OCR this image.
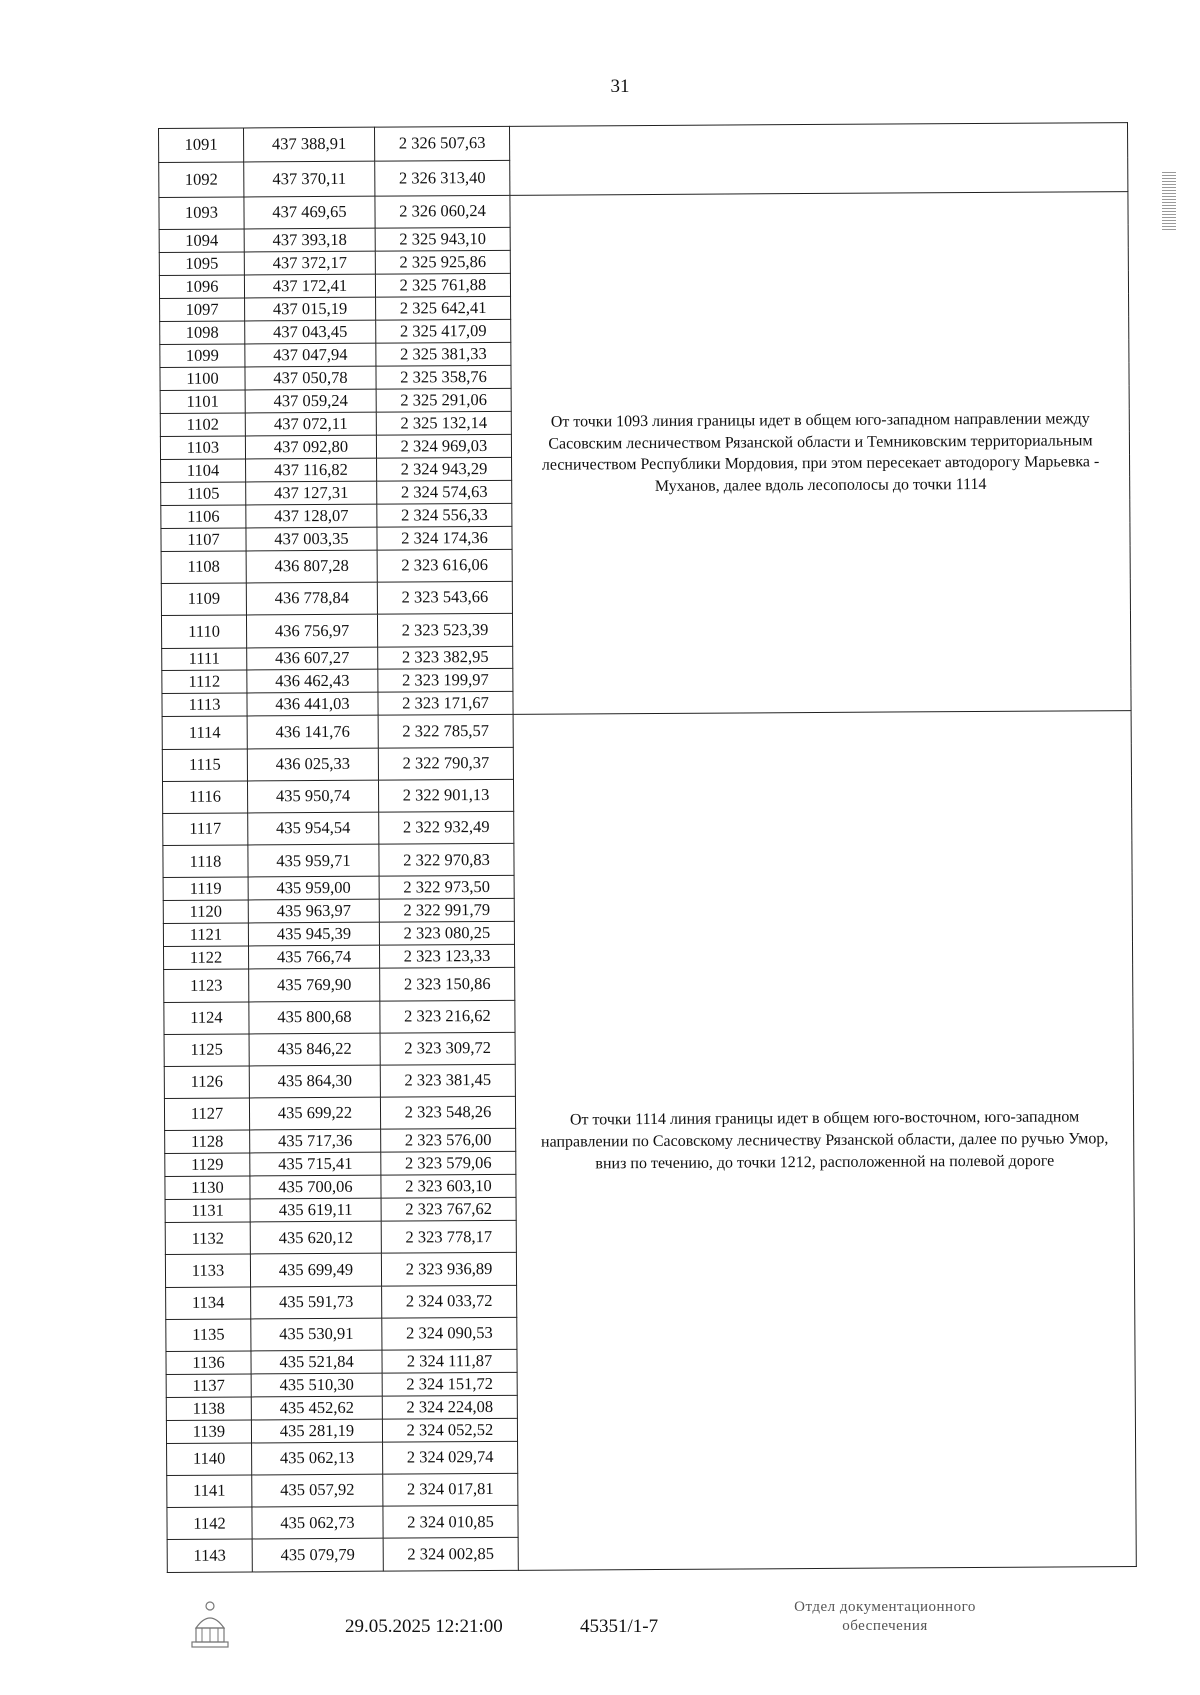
31
1091	437 388,91	2 326 507,63	
1092	437 370,11	2 326 313,40	
1093	437 469,65	2 326 060,24	От точки 1093 линия границы идет в общем юго-западном направлении между Сасовским лесничеством Рязанской области и Темниковским территориальным лесничеством Республики Мордовия, при этом пересекает автодорогу Марьевка - Муханов, далее вдоль лесополосы до точки 1114
1094	437 393,18	2 325 943,10	
1095	437 372,17	2 325 925,86	
1096	437 172,41	2 325 761,88	
1097	437 015,19	2 325 642,41	
1098	437 043,45	2 325 417,09	
1099	437 047,94	2 325 381,33	
1100	437 050,78	2 325 358,76	
1101	437 059,24	2 325 291,06	
1102	437 072,11	2 325 132,14	
1103	437 092,80	2 324 969,03	
1104	437 116,82	2 324 943,29	
1105	437 127,31	2 324 574,63	
1106	437 128,07	2 324 556,33	
1107	437 003,35	2 324 174,36	
1108	436 807,28	2 323 616,06	
1109	436 778,84	2 323 543,66	
1110	436 756,97	2 323 523,39	
1111	436 607,27	2 323 382,95	
1112	436 462,43	2 323 199,97	
1113	436 441,03	2 323 171,67	
1114	436 141,76	2 322 785,57	От точки 1114 линия границы идет в общем юго-восточном, юго-западном направлении по Сасовскому лесничеству Рязанской области, далее по ручью Умор, вниз по течению, до точки 1212, расположенной на полевой дороге
1115	436 025,33	2 322 790,37	
1116	435 950,74	2 322 901,13	
1117	435 954,54	2 322 932,49	
1118	435 959,71	2 322 970,83	
1119	435 959,00	2 322 973,50	
1120	435 963,97	2 322 991,79	
1121	435 945,39	2 323 080,25	
1122	435 766,74	2 323 123,33	
1123	435 769,90	2 323 150,86	
1124	435 800,68	2 323 216,62	
1125	435 846,22	2 323 309,72	
1126	435 864,30	2 323 381,45	
1127	435 699,22	2 323 548,26	
1128	435 717,36	2 323 576,00	
1129	435 715,41	2 323 579,06	
1130	435 700,06	2 323 603,10	
1131	435 619,11	2 323 767,62	
1132	435 620,12	2 323 778,17	
1133	435 699,49	2 323 936,89	
1134	435 591,73	2 324 033,72	
1135	435 530,91	2 324 090,53	
1136	435 521,84	2 324 111,87	
1137	435 510,30	2 324 151,72	
1138	435 452,62	2 324 224,08	
1139	435 281,19	2 324 052,52	
1140	435 062,13	2 324 029,74	
1141	435 057,92	2 324 017,81	
1142	435 062,73	2 324 010,85	
1143	435 079,79	2 324 002,85	
29.05.2025 12:21:00	45351/1-7
Отдел документационного
обеспечения
